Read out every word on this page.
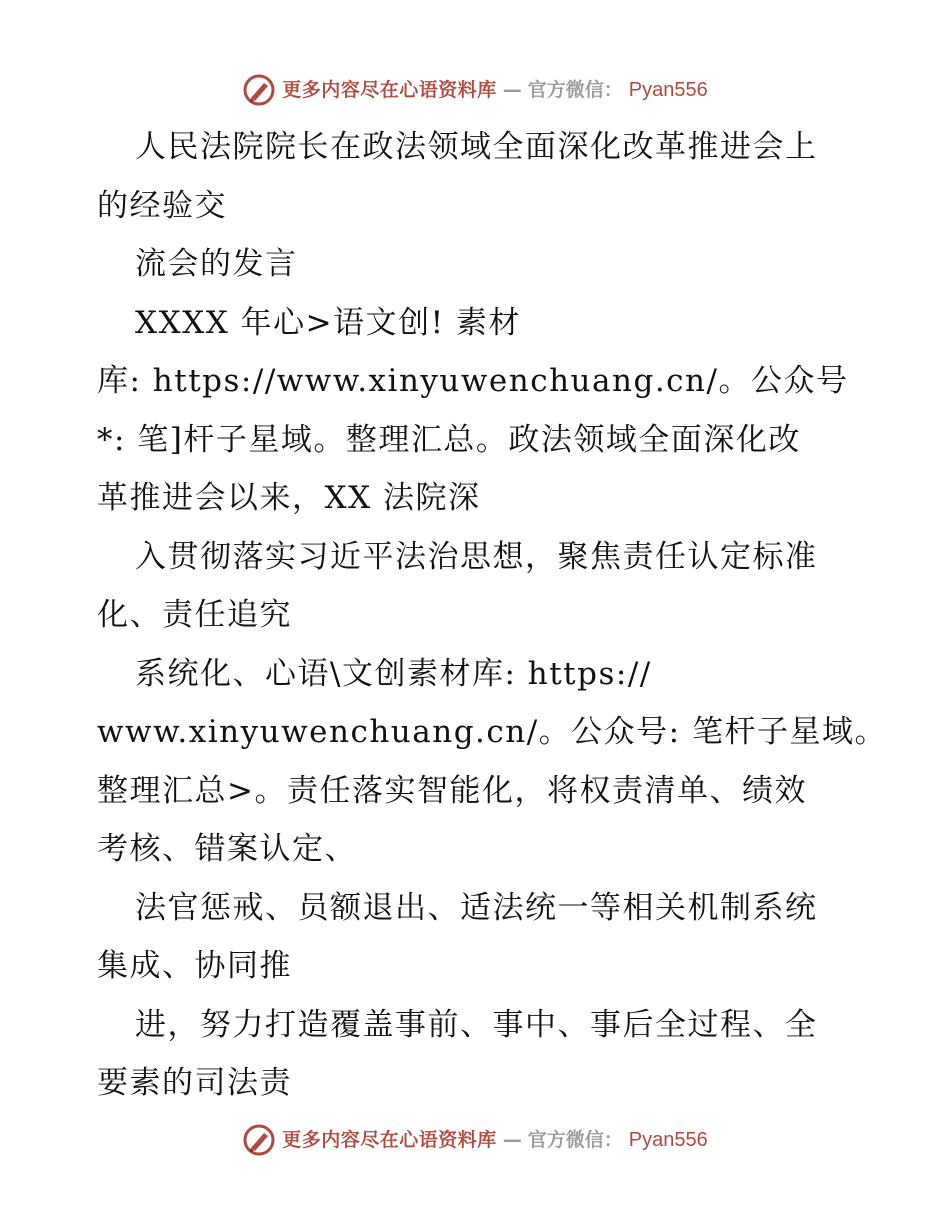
更多内容尽在心语资料库 — 官方微信： Pyan556
人民法院院长在政法领域全面深化改革推进会上
的经验交
流会的发言
XXXX 年心>语文创! 素材
库: https://www.xinyuwenchuang.cn/。公众号
*: 笔]杆子星域。整理汇总。政法领域全面深化改
革推进会以来，XX 法院深
入贯彻落实习近平法治思想，聚焦责任认定标准
化、责任追究
系统化、心语\文创素材库: https://
www.xinyuwenchuang.cn/。公众号: 笔杆子星域。
整理汇总>。责任落实智能化，将权责清单、绩效
考核、错案认定、
法官惩戒、员额退出、适法统一等相关机制系统
集成、协同推
进，努力打造覆盖事前、事中、事后全过程、全
要素的司法责
更多内容尽在心语资料库 — 官方微信： Pyan556
